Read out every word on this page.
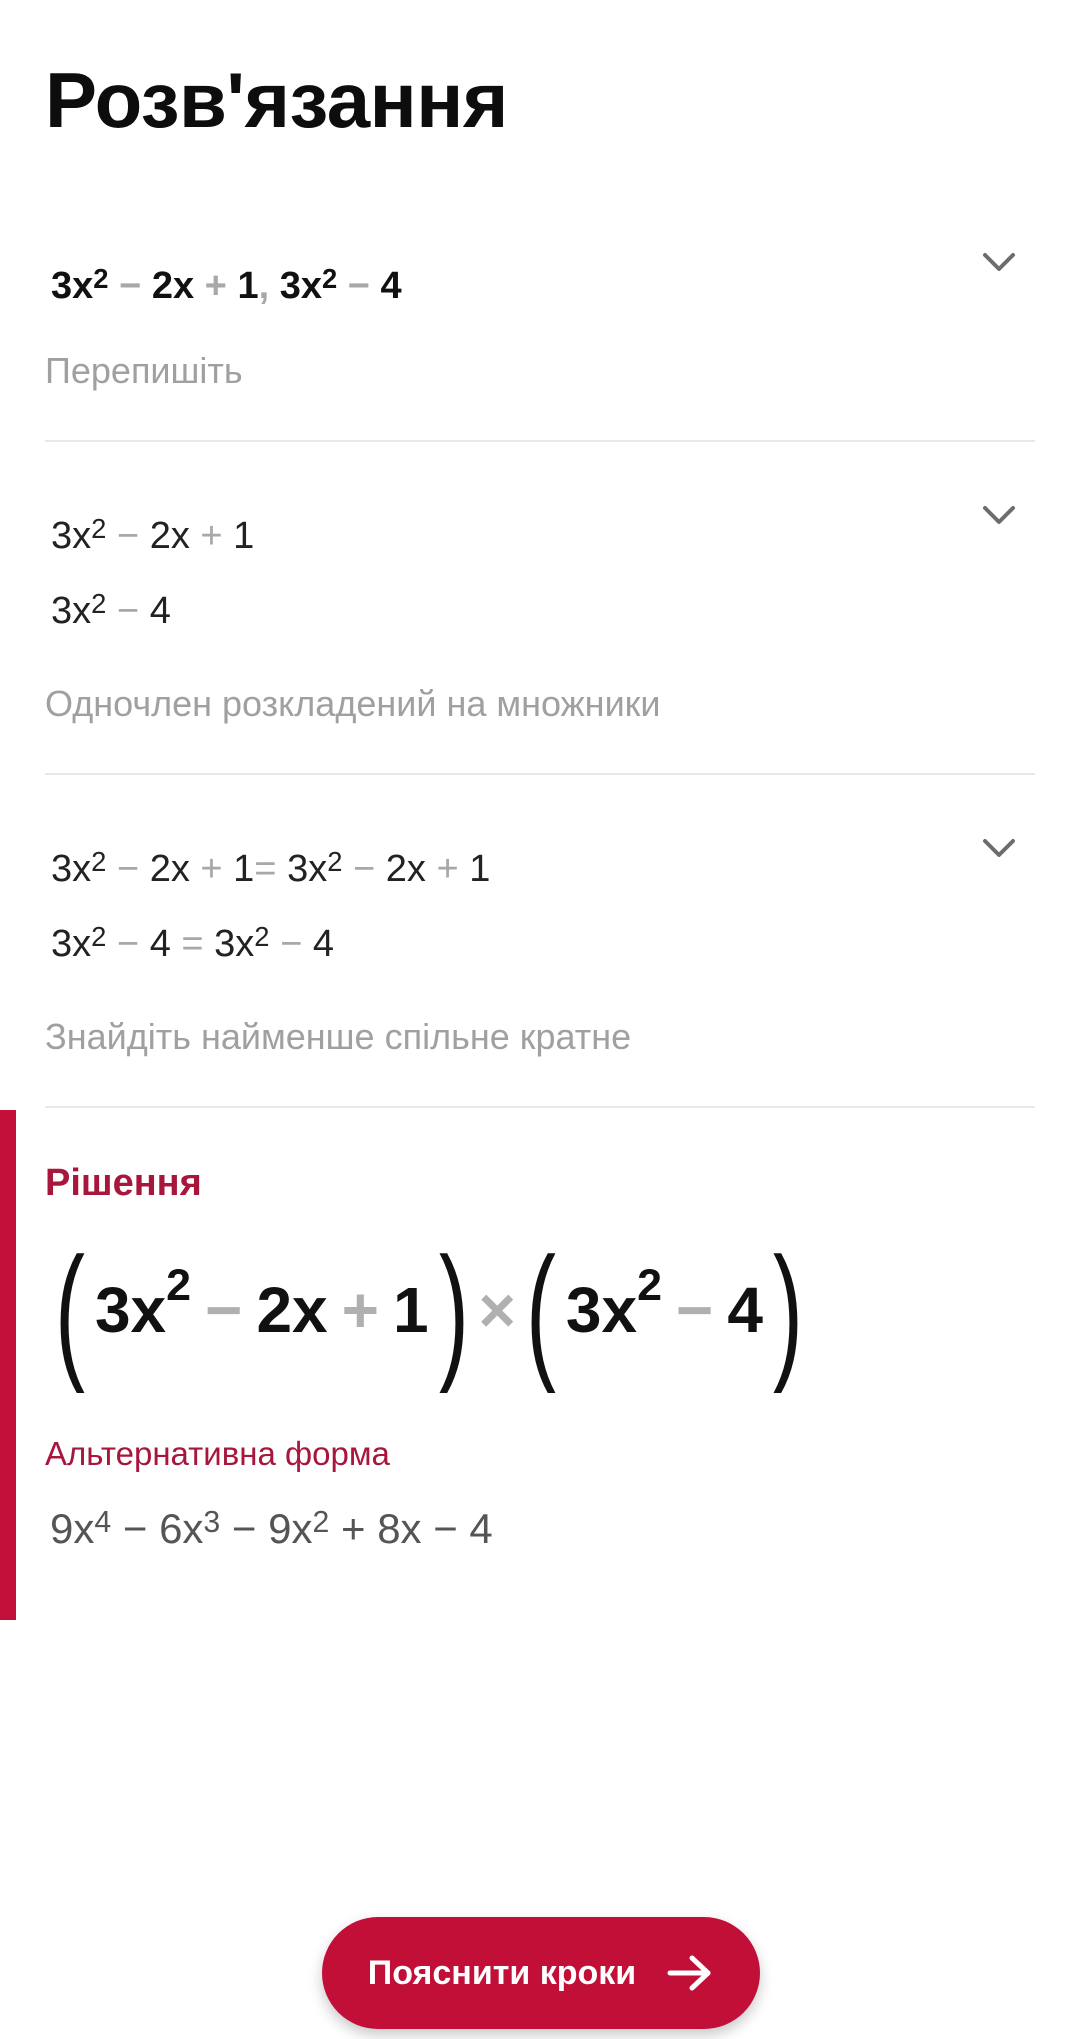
Розв'язання
$3x^2 - 2x + 1$, $3x^2 - 4$
Перепишіть
$3x^2 - 2x + 1$
$3x^2 - 4$
Одночлен розкладений на множники
$3x^2 - 2x + 1= 3x^2 - 2x + 1$
$3x^2 - 4 = 3x^2 - 4$
Знайдіть найменше спільне кратне
Рішення
( $3x^2 - 2x + 1$ ) × ( $3x^2 - 4$ )
Альтернативна форма
$9x^4 - 6x^3 - 9x^2 + 8x - 4$
Пояснити кроки
